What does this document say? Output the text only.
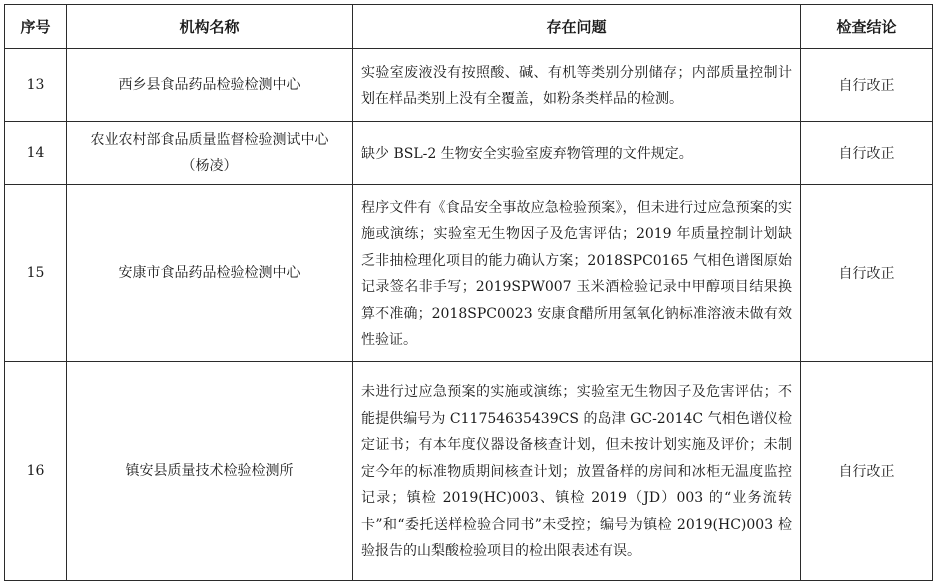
序号	机构名称	存在问题	检查结论
13	西乡县食品药品检验检测中心	实验室废液没有按照酸、碱、有机等类别分别储存；内部质量控制计划在样品类别上没有全覆盖，如粉条类样品的检测。	自行改正
14	农业农村部食品质量监督检验测试中心（杨凌）	缺少 BSL-2 生物安全实验室废弃物管理的文件规定。	自行改正
15	安康市食品药品检验检测中心	程序文件有《食品安全事故应急检验预案》，但未进行过应急预案的实施或演练；实验室无生物因子及危害评估；2019 年质量控制计划缺乏非抽检理化项目的能力确认方案；2018SPC0165 气相色谱图原始记录签名非手写；2019SPW007 玉米酒检验记录中甲醇项目结果换算不准确；2018SPC0023 安康食醋所用氢氧化钠标准溶液未做有效性验证。	自行改正
16	镇安县质量技术检验检测所	未进行过应急预案的实施或演练；实验室无生物因子及危害评估；不能提供编号为 C11754635439CS 的岛津 GC-2014C 气相色谱仪检定证书；有本年度仪器设备核查计划，但未按计划实施及评价；未制定今年的标准物质期间核查计划；放置备样的房间和冰柜无温度监控记录；镇检 2019(HC)003、镇检 2019（JD）003 的“业务流转卡”和“委托送样检验合同书”未受控；编号为镇检 2019(HC)003 检验报告的山梨酸检验项目的检出限表述有误。	自行改正
